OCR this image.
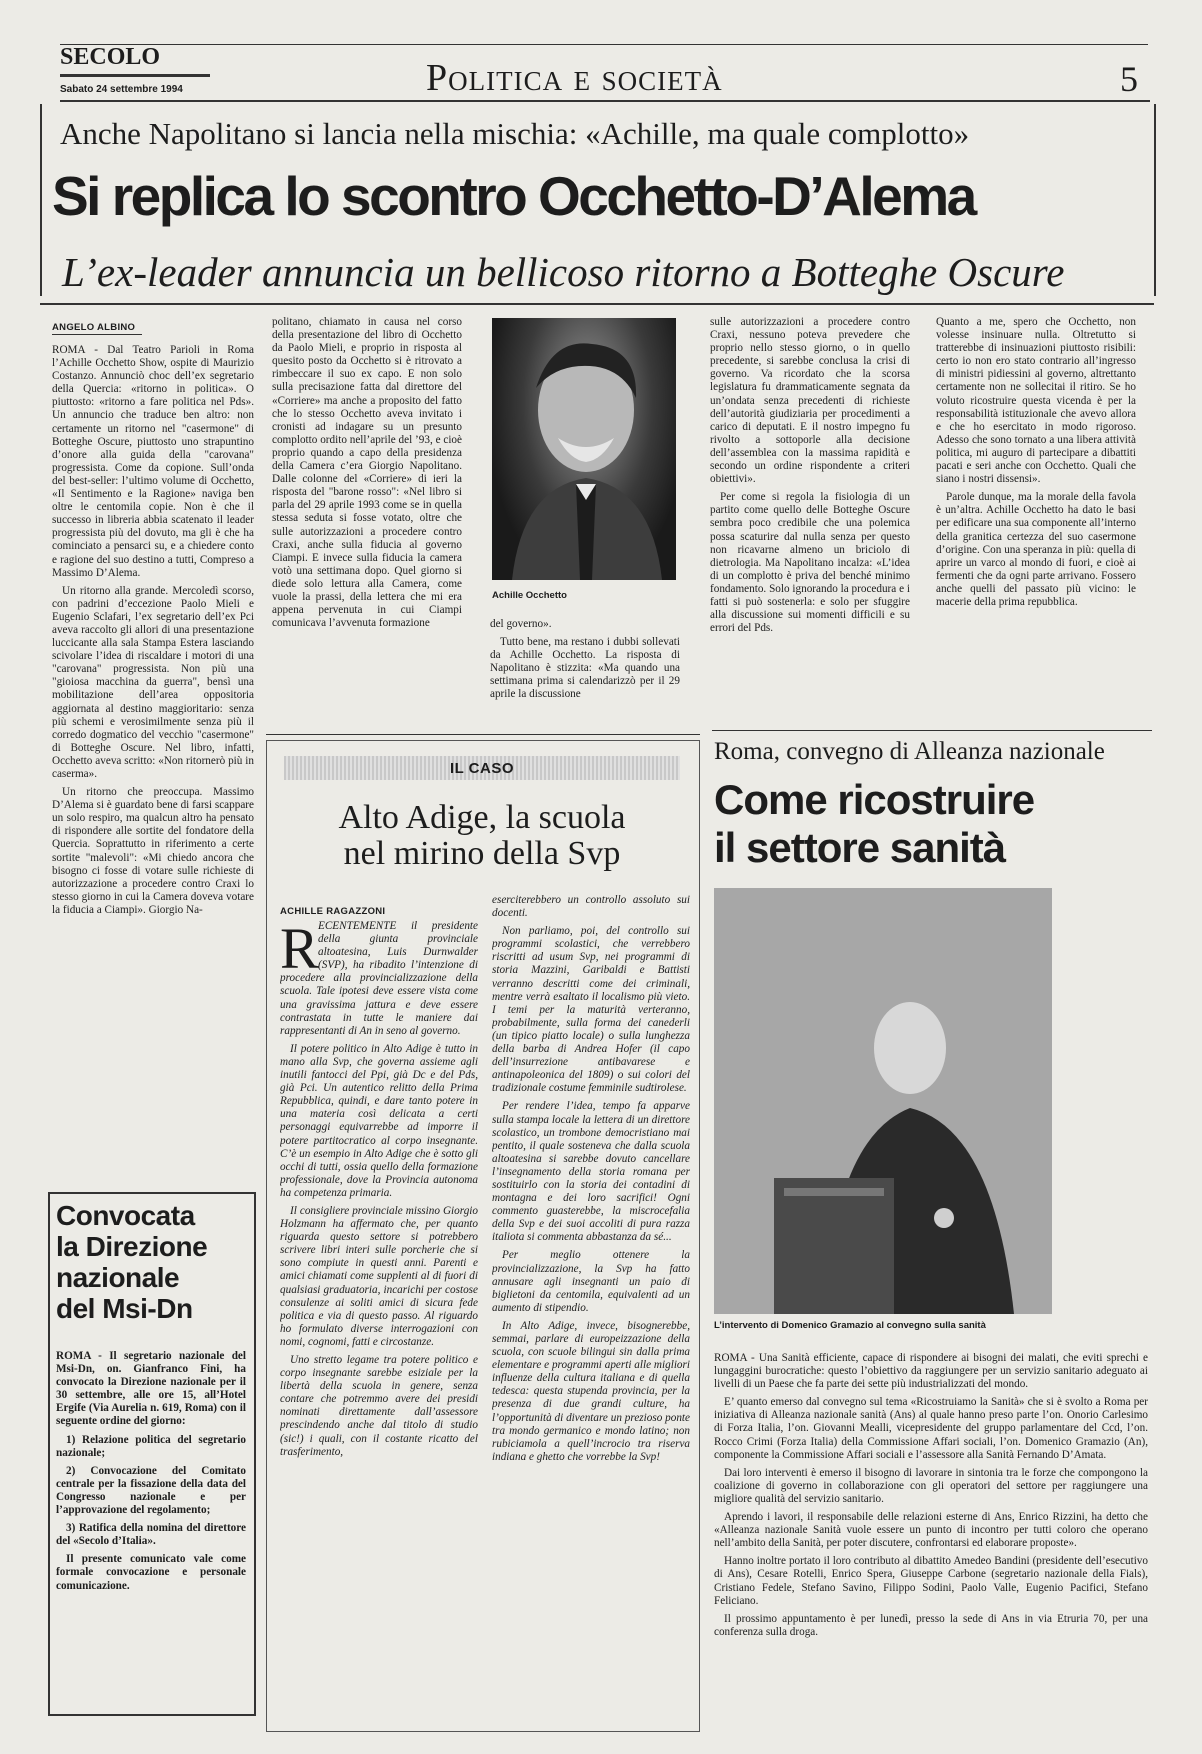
SECOLO
Sabato 24 settembre 1994	Politica e società	5
Anche Napolitano si lancia nella mischia: «Achille, ma quale complotto»
Si replica lo scontro Occhetto-D’Alema
L’ex-leader annuncia un bellicoso ritorno a Botteghe Oscure
ANGELO ALBINO

ROMA - Dal Teatro Parioli in Roma l’Achille Occhetto Show, ospite di Maurizio Costanzo. Annunciò choc dell’ex segretario della Quercia: «ritorno in politica». O piuttosto: «ritorno a fare politica nel Pds». Un annuncio che traduce ben altro: non certamente un ritorno nel "casermone" di Botteghe Oscure, piuttosto uno strapuntino d’onore alla guida della "carovana" progressista. Come da copione. Sull’onda del best-seller: l’ultimo volume di Occhetto, «Il Sentimento e la Ragione» naviga ben oltre le centomila copie. Non è che il successo in libreria abbia scatenato il leader progressista più del dovuto, ma gli è che ha cominciato a pensarci su, e a chiedere conto e ragione del suo destino a tutti, Compreso a Massimo D’Alema.

Un ritorno alla grande. Mercoledì scorso, con padrini d’eccezione Paolo Mieli e Eugenio Sclafari, l’ex segretario dell’ex Pci aveva raccolto gli allori di una presentazione luccicante alla sala Stampa Estera lasciando scivolare l’idea di riscaldare i motori di una "carovana" progressista. Non più una "gioiosa macchina da guerra", bensì una mobilitazione dell’area oppositoria aggiornata al destino maggioritario: senza più schemi e verosimilmente senza più il corredo dogmatico del vecchio "casermone" di Botteghe Oscure. Nel libro, infatti, Occhetto aveva scritto: «Non ritornerò più in caserma».

Un ritorno che preoccupa. Massimo D’Alema si è guardato bene di farsi scappare un solo respiro, ma qualcun altro ha pensato di rispondere alle sortite del fondatore della Quercia. Soprattutto in riferimento a certe sortite "malevoli": «Mi chiedo ancora che bisogno ci fosse di votare sulle richieste di autorizzazione a procedere contro Craxi lo stesso giorno in cui la Camera doveva votare la fiducia a Ciampi». Giorgio Na-

politano, chiamato in causa nel corso della presentazione del libro di Occhetto da Paolo Mieli, e proprio in risposta al quesito posto da Occhetto si è ritrovato a rimbeccare il suo ex capo. E non solo sulla precisazione fatta dal direttore del «Corriere» ma anche a proposito del fatto che lo stesso Occhetto aveva invitato i cronisti ad indagare su un presunto complotto ordito nell’aprile del ’93, e cioè proprio quando a capo della presidenza della Camera c’era Giorgio Napolitano. Dalle colonne del «Corriere» di ieri la risposta del "barone rosso": «Nel libro si parla del 29 aprile 1993 come se in quella stessa seduta si fosse votato, oltre che sulle autorizzazioni a procedere contro Craxi, anche sulla fiducia al governo Ciampi. E invece sulla fiducia la camera votò una settimana dopo. Quel giorno si diede solo lettura alla Camera, come vuole la prassi, della lettera che mi era appena pervenuta in cui Ciampi comunicava l’avvenuta formazione

Achille Occhetto

del governo».

Tutto bene, ma restano i dubbi sollevati da Achille Occhetto. La risposta di Napolitano è stizzita: «Ma quando una settimana prima si calendarizzò per il 29 aprile la discussione

sulle autorizzazioni a procedere contro Craxi, nessuno poteva prevedere che proprio nello stesso giorno, o in quello precedente, si sarebbe conclusa la crisi di governo. Va ricordato che la scorsa legislatura fu drammaticamente segnata da un’ondata senza precedenti di richieste dell’autorità giudiziaria per procedimenti a carico di deputati. E il nostro impegno fu rivolto a sottoporle alla decisione dell’assemblea con la massima rapidità e secondo un ordine rispondente a criteri obiettivi».

Per come si regola la fisiologia di un partito come quello delle Botteghe Oscure sembra poco credibile che una polemica possa scaturire dal nulla senza per questo non ricavarne almeno un briciolo di dietrologia. Ma Napolitano incalza: «L’idea di un complotto è priva del benché minimo fondamento. Solo ignorando la procedura e i fatti si può sostenerla: e solo per sfuggire alla discussione sui momenti difficili e su errori del Pds.

Quanto a me, spero che Occhetto, non volesse insinuare nulla. Oltretutto si tratterebbe di insinuazioni piuttosto risibili: certo io non ero stato contrario all’ingresso di ministri pidiessini al governo, altrettanto certamente non ne sollecitai il ritiro. Se ho voluto ricostruire questa vicenda è per la responsabilità istituzionale che avevo allora e che ho esercitato in modo rigoroso. Adesso che sono tornato a una libera attività politica, mi auguro di partecipare a dibattiti pacati e seri anche con Occhetto. Quali che siano i nostri dissensi».

Parole dunque, ma la morale della favola è un’altra. Achille Occhetto ha dato le basi per edificare una sua componente all’interno della granitica certezza del suo casermone d’origine. Con una speranza in più: quella di aprire un varco al mondo di fuori, e cioè ai fermenti che da ogni parte arrivano. Fossero anche quelli del passato più vicino: le macerie della prima repubblica.

IL CASO
Alto Adige, la scuola
nel mirino della Svp
ACHILLE RAGAZZONI
R ECENTEMENTE il presidente della giunta provinciale altoatesina, Luis Durnwalder (SVP), ha ribadito l’intenzione di procedere alla provincializzazione della scuola. Tale ipotesi deve essere vista come una gravissima jattura e deve essere contrastata in tutte le maniere dai rappresentanti di An in seno al governo.

Il potere politico in Alto Adige è tutto in mano alla Svp, che governa assieme agli inutili fantocci del Ppi, già Dc e del Pds, già Pci. Un autentico relitto della Prima Repubblica, quindi, e dare tanto potere in una materia così delicata a certi personaggi equivarrebbe ad imporre il potere partitocratico al corpo insegnante. C’è un esempio in Alto Adige che è sotto gli occhi di tutti, ossia quello della formazione professionale, dove la Provincia autonoma ha competenza primaria.

Il consigliere provinciale missino Giorgio Holzmann ha affermato che, per quanto riguarda questo settore si potrebbero scrivere libri interi sulle porcherie che si sono compiute in questi anni. Parenti e amici chiamati come supplenti al di fuori di qualsiasi graduatoria, incarichi per costose consulenze ai soliti amici di sicura fede politica e via di questo passo. Al riguardo ho formulato diverse interrogazioni con nomi, cognomi, fatti e circostanze.

Uno stretto legame tra potere politico e corpo insegnante sarebbe esiziale per la libertà della scuola in genere, senza contare che potremmo avere dei presidi nominati direttamente dall’assessore prescindendo anche dal titolo di studio (sic!) i quali, con il costante ricatto del trasferimento,

eserciterebbero un controllo assoluto sui docenti.

Non parliamo, poi, del controllo sui programmi scolastici, che verrebbero riscritti ad usum Svp, nei programmi di storia Mazzini, Garibaldi e Battisti verranno descritti come dei criminali, mentre verrà esaltato il localismo più vieto. I temi per la maturità verteranno, probabilmente, sulla forma dei canederli (un tipico piatto locale) o sulla lunghezza della barba di Andrea Hofer (il capo dell’insurrezione antibavarese e antinapoleonica del 1809) o sui colori del tradizionale costume femminile sudtirolese.

Per rendere l’idea, tempo fa apparve sulla stampa locale la lettera di un direttore scolastico, un trombone democristiano mai pentito, il quale sosteneva che dalla scuola altoatesina si sarebbe dovuto cancellare l’insegnamento della storia romana per sostituirlo con la storia dei contadini di montagna e dei loro sacrifici! Ogni commento guasterebbe, la miscrocefalia della Svp e dei suoi accoliti di pura razza italiota si commenta abbastanza da sé...

Per meglio ottenere la provincializzazione, la Svp ha fatto annusare agli insegnanti un paio di biglietoni da centomila, equivalenti ad un aumento di stipendio.

In Alto Adige, invece, bisognerebbe, semmai, parlare di europeizzazione della scuola, con scuole bilingui sin dalla prima elementare e programmi aperti alle migliori influenze della cultura italiana e di quella tedesca: questa stupenda provincia, per la presenza di due grandi culture, ha l’opportunità di diventare un prezioso ponte tra mondo germanico e mondo latino; non rubiciamola a quell’incrocio tra riserva indiana e ghetto che vorrebbe la Svp!

Convocata
la Direzione
nazionale
del Msi-Dn

ROMA - Il segretario nazionale del Msi-Dn, on. Gianfranco Fini, ha convocato la Direzione nazionale per il 30 settembre, alle ore 15, all’Hotel Ergife (Via Aurelia n. 619, Roma) con il seguente ordine del giorno:

1) Relazione politica del segretario nazionale;

2) Convocazione del Comitato centrale per la fissazione della data del Congresso nazionale e per l’approvazione del regolamento;

3) Ratifica della nomina del direttore del «Secolo d’Italia».

Il presente comunicato vale come formale convocazione e personale comunicazione.

Roma, convegno di Alleanza nazionale
Come ricostruire
il settore sanità
L’intervento di Domenico Gramazio al convegno sulla sanità

ROMA - Una Sanità efficiente, capace di rispondere ai bisogni dei malati, che eviti sprechi e lungaggini burocratiche: questo l’obiettivo da raggiungere per un servizio sanitario adeguato ai livelli di un Paese che fa parte dei sette più industrializzati del mondo.

E’ quanto emerso dal convegno sul tema «Ricostruiamo la Sanità» che si è svolto a Roma per iniziativa di Alleanza nazionale sanità (Ans) al quale hanno preso parte l’on. Onorio Carlesimo di Forza Italia, l’on. Giovanni Mealli, vicepresidente del gruppo parlamentare del Ccd, l’on. Rocco Crimi (Forza Italia) della Commissione Affari sociali, l’on. Domenico Gramazio (An), componente la Commissione Affari sociali e l’assessore alla Sanità Fernando D’Amata.

Dai loro interventi è emerso il bisogno di lavorare in sintonia tra le forze che compongono la coalizione di governo in collaborazione con gli operatori del settore per raggiungere una migliore qualità del servizio sanitario.

Aprendo i lavori, il responsabile delle relazioni esterne di Ans, Enrico Rizzini, ha detto che «Alleanza nazionale Sanità vuole essere un punto di incontro per tutti coloro che operano nell’ambito della Sanità, per poter discutere, confrontarsi ed elaborare proposte».

Hanno inoltre portato il loro contributo al dibattito Amedeo Bandini (presidente dell’esecutivo di Ans), Cesare Rotelli, Enrico Spera, Giuseppe Carbone (segretario nazionale della Fials), Cristiano Fedele, Stefano Savino, Filippo Sodini, Paolo Valle, Eugenio Pacifici, Stefano Feliciano.

Il prossimo appuntamento è per lunedì, presso la sede di Ans in via Etruria 70, per una conferenza sulla droga.
